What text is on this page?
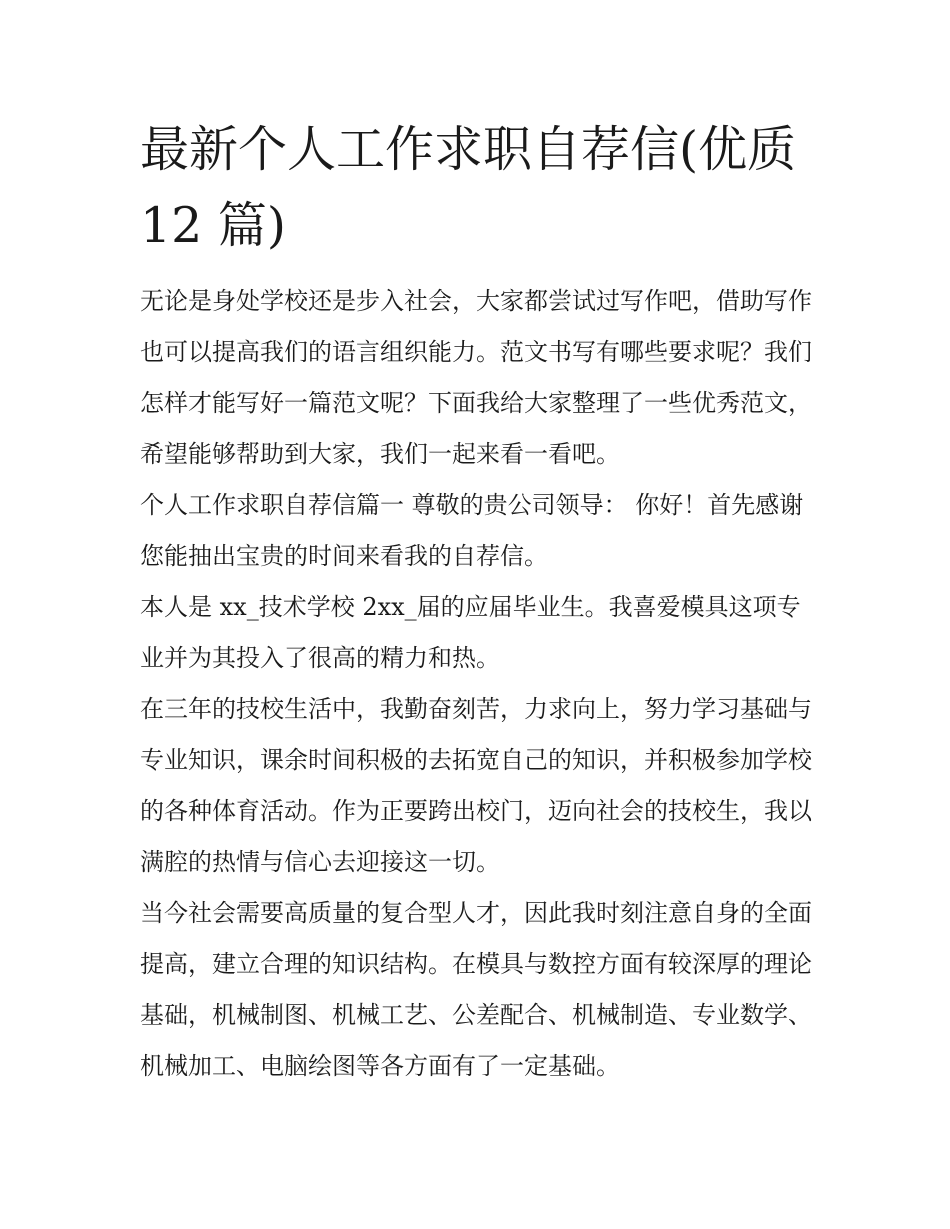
最新个人工作求职自荐信(优质 12 篇)

无论是身处学校还是步入社会，大家都尝试过写作吧，借助写作也可以提高我们的语言组织能力。范文书写有哪些要求呢？我们怎样才能写好一篇范文呢？下面我给大家整理了一些优秀范文，希望能够帮助到大家，我们一起来看一看吧。

个人工作求职自荐信篇一 尊敬的贵公司领导： 你好！首先感谢您能抽出宝贵的时间来看我的自荐信。

本人是 xx_技术学校 2xx_届的应届毕业生。我喜爱模具这项专业并为其投入了很高的精力和热。

在三年的技校生活中，我勤奋刻苦，力求向上，努力学习基础与专业知识，课余时间积极的去拓宽自己的知识，并积极参加学校的各种体育活动。作为正要跨出校门，迈向社会的技校生，我以满腔的热情与信心去迎接这一切。

当今社会需要高质量的复合型人才，因此我时刻注意自身的全面提高，建立合理的知识结构。在模具与数控方面有较深厚的理论基础，机械制图、机械工艺、公差配合、机械制造、专业数学、机械加工、电脑绘图等各方面有了一定基础。
